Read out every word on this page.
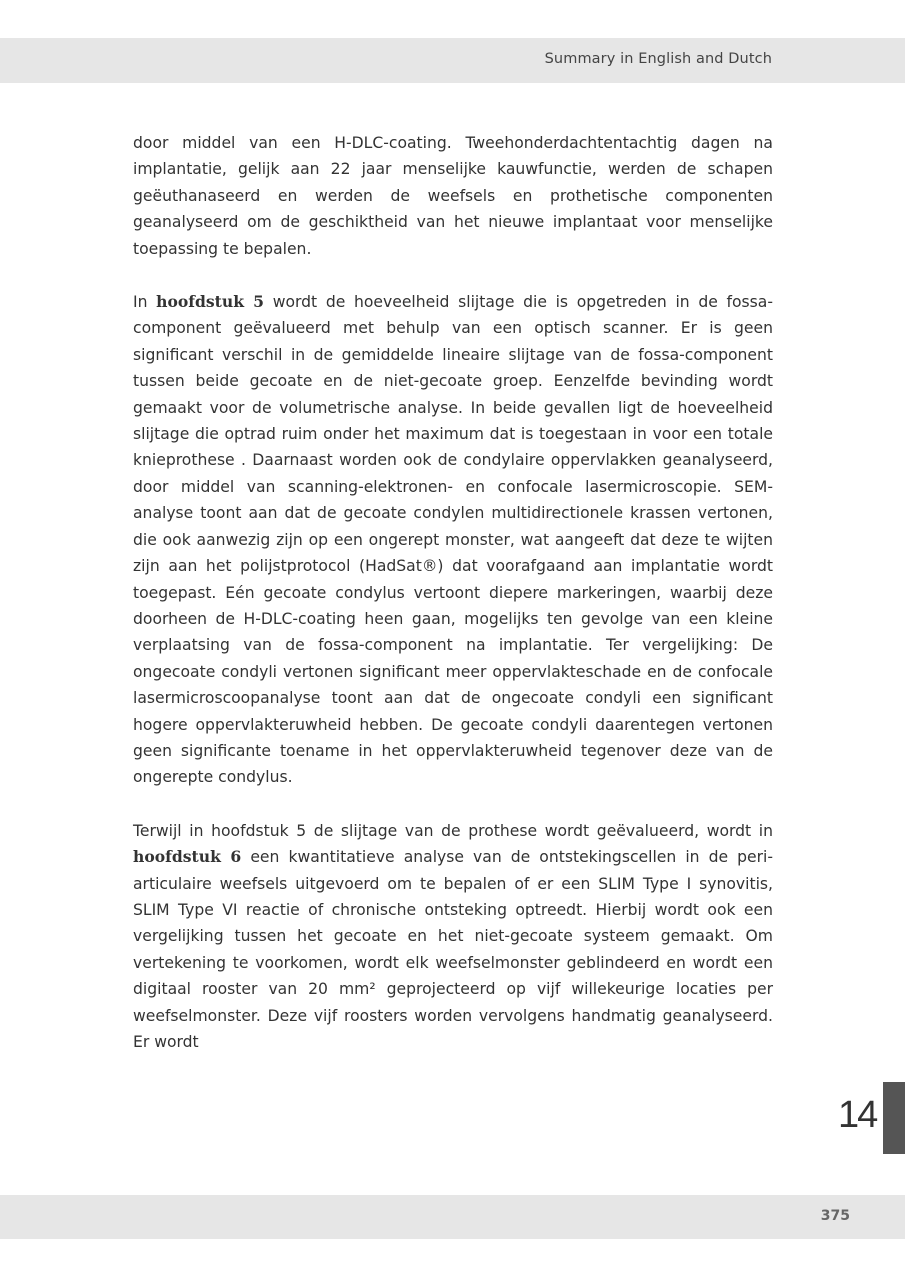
Summary in English and Dutch

door middel van een H-DLC-coating. Tweehonderdachtentachtig dagen na implantatie, gelijk aan 22 jaar menselijke kauwfunctie, werden de schapen geëuthanaseerd en werden de weefsels en prothetische componenten geanalyseerd om de geschiktheid van het nieuwe implantaat voor menselijke toepassing te bepalen.

In hoofdstuk 5 wordt de hoeveelheid slijtage die is opgetreden in de fossa-component geëvalueerd met behulp van een optisch scanner. Er is geen significant verschil in de gemiddelde lineaire slijtage van de fossa-component tussen beide gecoate en de niet-gecoate groep. Eenzelfde bevinding wordt gemaakt voor de volumetrische analyse. In beide gevallen ligt de hoeveelheid slijtage die optrad ruim onder het maximum dat is toegestaan in voor een totale knieprothese . Daarnaast worden ook de condylaire oppervlakken geanalyseerd, door middel van scanning-elektronen- en confocale lasermicroscopie. SEM-analyse toont aan dat de gecoate condylen multidirectionele krassen vertonen, die ook aanwezig zijn op een ongerept monster, wat aangeeft dat deze te wijten zijn aan het polijstprotocol (HadSat®) dat voorafgaand aan implantatie wordt toegepast. Eén gecoate condylus vertoont diepere markeringen, waarbij deze doorheen de H-DLC-coating heen gaan, mogelijks ten gevolge van een kleine verplaatsing van de fossa-component na implantatie. Ter vergelijking: De ongecoate condyli vertonen significant meer oppervlakteschade en de confocale lasermicroscoopanalyse toont aan dat de ongecoate condyli een significant hogere oppervlakteruwheid hebben. De gecoate condyli daarentegen vertonen geen significante toename in het oppervlakteruwheid tegenover deze van de ongerepte condylus.

Terwijl in hoofdstuk 5 de slijtage van de prothese wordt geëvalueerd, wordt in hoofdstuk 6 een kwantitatieve analyse van de ontstekingscellen in de peri-articulaire weefsels uitgevoerd om te bepalen of er een SLIM Type I synovitis, SLIM Type VI reactie of chronische ontsteking optreedt. Hierbij wordt ook een vergelijking tussen het gecoate en het niet-gecoate systeem gemaakt. Om vertekening te voorkomen, wordt elk weefselmonster geblindeerd en wordt een digitaal rooster van 20 mm² geprojecteerd op vijf willekeurige locaties per weefselmonster. Deze vijf roosters worden vervolgens handmatig geanalyseerd. Er wordt

14
375
